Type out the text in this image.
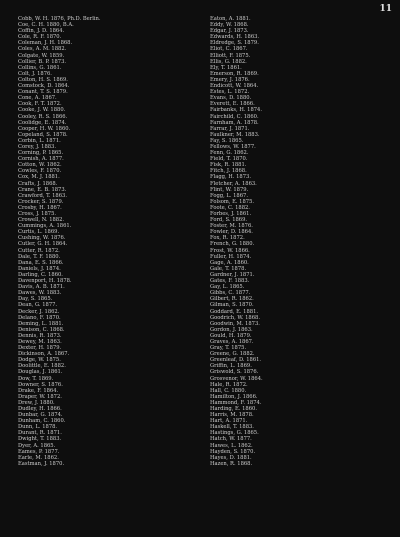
11

Cobb, W. H. 1876, Ph.D. Berlin.

Coe, C. H. 1880, B.A.

Coffin, J. D. 1864.

Cole, R. F. 1870.

Coleman, J. H. 1868.

Coles, A. M. 1882.

Colgate, W. 1859.

Collier, B. P. 1873.

Collins, G. 1861.

Colt, J. 1876.

Colton, H. S. 1869.

Comstock, D. 1864.

Conant, T. S. 1879.

Cone, A. 1867.

Cook, F. T. 1872.

Cooke, J. W. 1880.

Cooley, R. S. 1866.

Coolidge, E. 1874.

Cooper, H. W. 1860.

Copeland, S. 1878.

Corbin, L. 1871.

Corey, J. 1883.

Corning, P. 1865.

Cornish, A. 1877.

Cotton, W. 1862.

Cowles, F. 1870.

Cox, M. J. 1881.

Crafts, J. 1868.

Crane, E. B. 1873.

Crawford, T. 1863.

Crocker, S. 1879.

Crosby, H. 1867.

Cross, J. 1875.

Crowell, N. 1882.

Cummings, A. 1861.

Curtis, L. 1869.

Cushing, W. 1876.

Cutler, G. H. 1864.

Cutter, R. 1872.

Dale, T. F. 1880.

Dana, E. S. 1866.

Daniels, J. 1874.

Darling, C. 1860.

Davenport, H. 1878.

Davis, A. B. 1871.

Dawes, W. 1883.

Day, S. 1865.

Dean, G. 1877.

Decker, J. 1862.

Delano, F. 1870.

Deming, L. 1881.

Denison, C. 1868.

Dennis, R. 1873.

Dewey, M. 1863.

Dexter, H. 1879.

Dickinson, A. 1867.

Dodge, W. 1875.

Doolittle, E. 1882.

Douglas, J. 1861.

Dow, T. 1869.

Downer, S. 1876.

Drake, F. 1864.

Draper, W. 1872.

Drew, J. 1880.

Dudley, H. 1866.

Dunbar, G. 1874.

Dunham, C. 1860.

Dunn, L. 1878.

Durant, R. 1871.

Dwight, T. 1883.

Dyer, A. 1865.

Eames, P. 1877.

Earle, M. 1862.

Eastman, J. 1870.

Eaton, A. 1881.

Eddy, W. 1868.

Edgar, J. 1873.

Edwards, H. 1863.

Eldredge, S. 1879.

Eliot, C. 1867.

Elliott, F. 1875.

Ellis, G. 1882.

Ely, T. 1861.

Emerson, R. 1869.

Emery, J. 1876.

Endicott, W. 1864.

Estes, L. 1872.

Evans, D. 1880.

Everett, E. 1866.

Fairbanks, H. 1874.

Fairchild, C. 1860.

Farnham, A. 1878.

Farrar, J. 1871.

Faulkner, M. 1883.

Fay, S. 1865.

Fellows, W. 1877.

Fenn, G. 1862.

Field, T. 1870.

Fisk, R. 1881.

Fitch, J. 1868.

Flagg, H. 1873.

Fletcher, A. 1863.

Flint, W. 1879.

Fogg, L. 1867.

Folsom, E. 1875.

Foote, C. 1882.

Forbes, J. 1861.

Ford, S. 1869.

Foster, M. 1876.

Fowler, D. 1864.

Fox, R. 1872.

French, G. 1880.

Frost, W. 1866.

Fuller, H. 1874.

Gage, A. 1860.

Gale, T. 1878.

Gardner, J. 1871.

Gates, F. 1883.

Gay, L. 1865.

Gibbs, C. 1877.

Gilbert, R. 1862.

Gilman, S. 1870.

Goddard, E. 1881.

Goodrich, W. 1868.

Goodwin, M. 1873.

Gordon, J. 1863.

Gould, H. 1879.

Graves, A. 1867.

Gray, T. 1875.

Greene, G. 1882.

Greenleaf, D. 1861.

Griffin, L. 1869.

Griswold, S. 1876.

Grosvenor, W. 1864.

Hale, R. 1872.

Hall, C. 1880.

Hamilton, J. 1866.

Hammond, F. 1874.

Harding, E. 1860.

Harris, M. 1878.

Hart, A. 1871.

Haskell, T. 1883.

Hastings, G. 1865.

Hatch, W. 1877.

Hawes, L. 1862.

Hayden, S. 1870.

Hayes, D. 1881.

Hazen, R. 1868.
